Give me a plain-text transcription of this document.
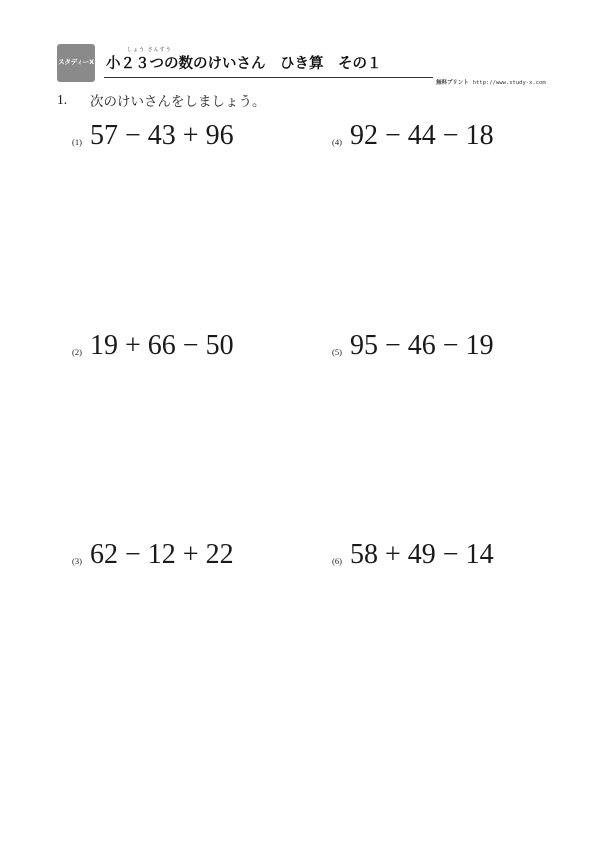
スタディーX
しょう さんすう
小２３つの数のけいさん　ひき算　その１
無料プリント http://www.study-x.com
1. 次のけいさんをしましょう。
(1) 57 − 43 + 96
(2) 19 + 66 − 50
(3) 62 − 12 + 22
(4) 92 − 44 − 18
(5) 95 − 46 − 19
(6) 58 + 49 − 14
